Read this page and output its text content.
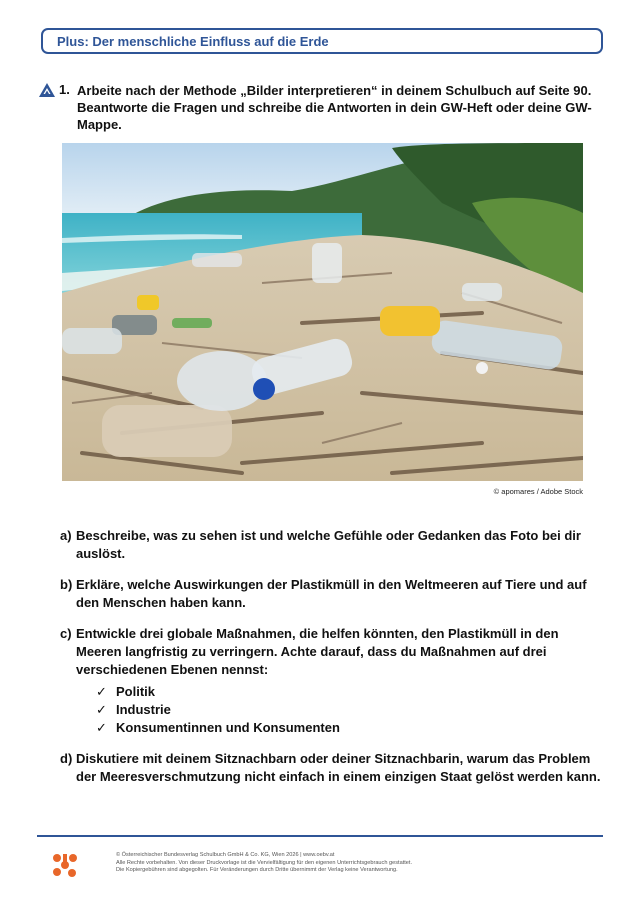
Plus: Der menschliche Einfluss auf die Erde
1. Arbeite nach der Methode „Bilder interpretieren“ in deinem Schulbuch auf Seite 90. Beantworte die Fragen und schreibe die Antworten in dein GW-Heft oder deine GW-Mappe.
© apomares / Adobe Stock
a) Beschreibe, was zu sehen ist und welche Gefühle oder Gedanken das Foto bei dir auslöst.
b) Erkläre, welche Auswirkungen der Plastikmüll in den Weltmeeren auf Tiere und auf den Menschen haben kann.
c) Entwickle drei globale Maßnahmen, die helfen könnten, den Plastikmüll in den Meeren langfristig zu verringern. Achte darauf, dass du Maßnahmen auf drei verschiedenen Ebenen nennst:
✓ Politik
✓ Industrie
✓ Konsumentinnen und Konsumenten
d) Diskutiere mit deinem Sitznachbarn oder deiner Sitznachbarin, warum das Problem der Meeresverschmutzung nicht einfach in einem einzigen Staat gelöst werden kann.
© Österreichischer Bundesverlag Schulbuch GmbH & Co. KG, Wien 2026 | www.oebv.at
Alle Rechte vorbehalten. Von dieser Druckvorlage ist die Vervielfältigung für den eigenen Unterrichtsgebrauch gestattet.
Die Kopiergebühren sind abgegolten. Für Veränderungen durch Dritte übernimmt der Verlag keine Verantwortung.
